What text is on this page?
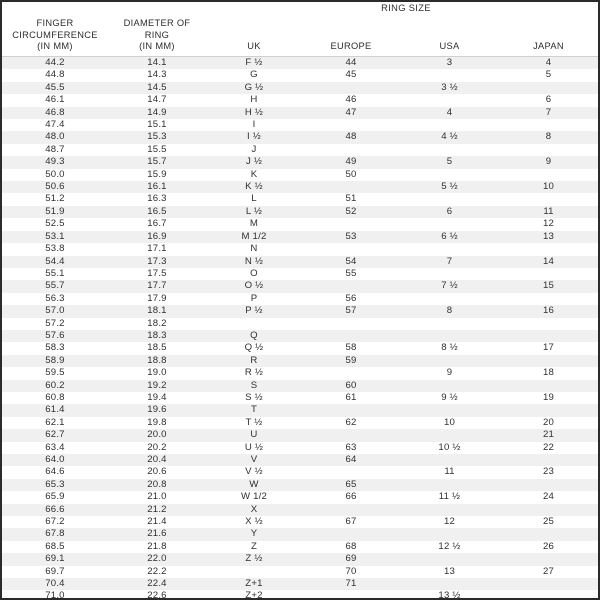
RING SIZE
FINGER
CIRCUMFERENCE
(IN MM)	DIAMETER OF
RING
(IN MM)	UK	EUROPE	USA	JAPAN

44.2	14.1	F ½	44	3	4
44.8	14.3	G	45		5
45.5	14.5	G ½		3 ½	
46.1	14.7	H	46		6
46.8	14.9	H ½	47	4	7
47.4	15.1	I			
48.0	15.3	I ½	48	4 ½	8
48.7	15.5	J			
49.3	15.7	J ½	49	5	9
50.0	15.9	K	50		
50.6	16.1	K ½		5 ½	10
51.2	16.3	L	51		
51.9	16.5	L ½	52	6	11
52.5	16.7	M			12
53.1	16.9	M 1/2	53	6 ½	13
53.8	17.1	N			
54.4	17.3	N ½	54	7	14
55.1	17.5	O	55		
55.7	17.7	O ½		7 ½	15
56.3	17.9	P	56		
57.0	18.1	P ½	57	8	16
57.2	18.2				
57.6	18.3	Q			
58.3	18.5	Q ½	58	8 ½	17
58.9	18.8	R	59		
59.5	19.0	R ½		9	18
60.2	19.2	S	60		
60.8	19.4	S ½	61	9 ½	19
61.4	19.6	T			
62.1	19.8	T ½	62	10	20
62.7	20.0	U			21
63.4	20.2	U ½	63	10 ½	22
64.0	20.4	V	64		
64.6	20.6	V ½		11	23
65.3	20.8	W	65		
65.9	21.0	W 1/2	66	11 ½	24
66.6	21.2	X			
67.2	21.4	X ½	67	12	25
67.8	21.6	Y			
68.5	21.8	Z	68	12 ½	26
69.1	22.0	Z ½	69		
69.7	22.2		70	13	27
70.4	22.4	Z+1	71		
71.0	22.6	Z+2		13 ½	
